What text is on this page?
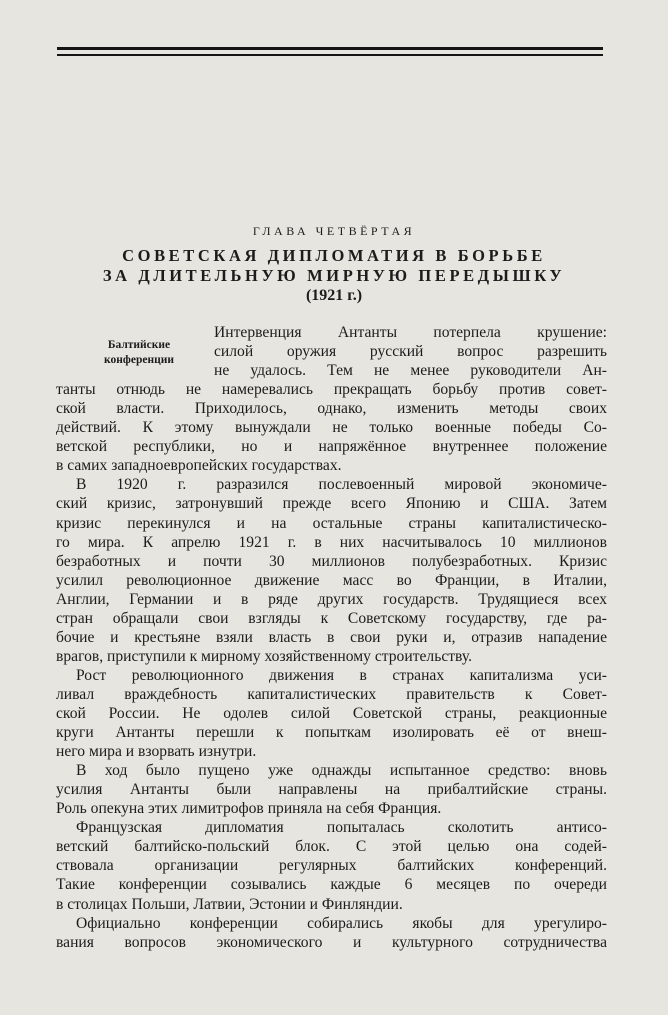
ГЛАВА ЧЕТВЁРТАЯ
СОВЕТСКАЯ ДИПЛОМАТИЯ В БОРЬБЕ
ЗА ДЛИТЕЛЬНУЮ МИРНУЮ ПЕРЕДЫШКУ
(1921 г.)
Балтийские
конференции
Интервенция Антанты потерпела крушение:
силой оружия русский вопрос разрешить
не удалось. Тем не менее руководители Ан-
танты отнюдь не намеревались прекращать борьбу против совет-
ской власти. Приходилось, однако, изменить методы своих
действий. К этому вынуждали не только военные победы Со-
ветской республики, но и напряжённое внутреннее положение
в самих западноевропейских государствах.
В 1920 г. разразился послевоенный мировой экономиче-
ский кризис, затронувший прежде всего Японию и США. Затем
кризис перекинулся и на остальные страны капиталистическо-
го мира. К апрелю 1921 г. в них насчитывалось 10 миллионов
безработных и почти 30 миллионов полубезработных. Кризис
усилил революционное движение масс во Франции, в Италии,
Англии, Германии и в ряде других государств. Трудящиеся всех
стран обращали свои взгляды к Советскому государству, где ра-
бочие и крестьяне взяли власть в свои руки и, отразив нападение
врагов, приступили к мирному хозяйственному строительству.
Рост революционного движения в странах капитализма уси-
ливал враждебность капиталистических правительств к Совет-
ской России. Не одолев силой Советской страны, реакционные
круги Антанты перешли к попыткам изолировать её от внеш-
него мира и взорвать изнутри.
В ход было пущено уже однажды испытанное средство: вновь
усилия Антанты были направлены на прибалтийские страны.
Роль опекуна этих лимитрофов приняла на себя Франция.
Французская дипломатия попыталась сколотить антисо-
ветский балтийско-польский блок. С этой целью она содей-
ствовала организации регулярных балтийских конференций.
Такие конференции созывались каждые 6 месяцев по очереди
в столицах Польши, Латвии, Эстонии и Финляндии.
Официально конференции собирались якобы для урегулиро-
вания вопросов экономического и культурного сотрудничества
